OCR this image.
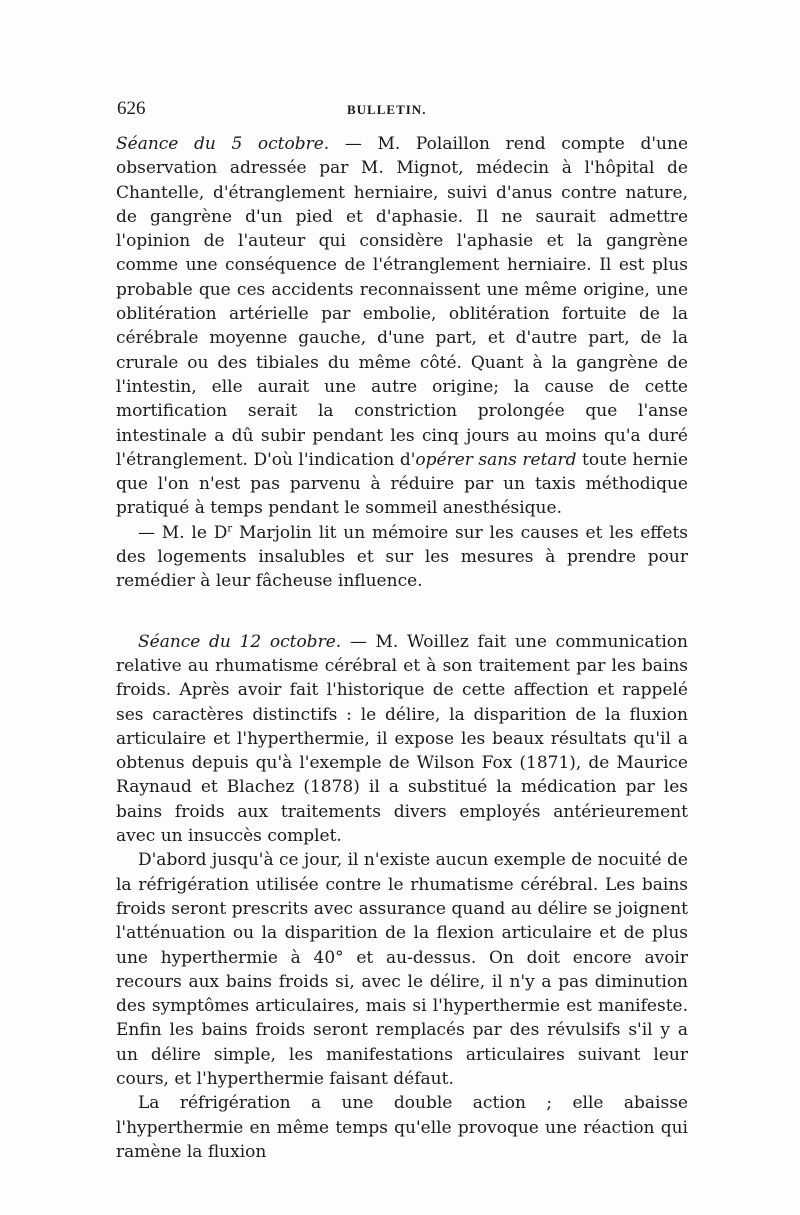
626	BULLETIN.

Séance du 5 octobre. — M. Polaillon rend compte d'une observation adressée par M. Mignot, médecin à l'hôpital de Chantelle, d'étranglement herniaire, suivi d'anus contre nature, de gangrène d'un pied et d'aphasie. Il ne saurait admettre l'opinion de l'auteur qui considère l'aphasie et la gangrène comme une conséquence de l'étranglement herniaire. Il est plus probable que ces accidents reconnaissent une même origine, une oblitération artérielle par embolie, oblitération fortuite de la cérébrale moyenne gauche, d'une part, et d'autre part, de la crurale ou des tibiales du même côté. Quant à la gangrène de l'intestin, elle aurait une autre origine; la cause de cette mortification serait la constriction prolongée que l'anse intestinale a dû subir pendant les cinq jours au moins qu'a duré l'étranglement. D'où l'indication d'opérer sans retard toute hernie que l'on n'est pas parvenu à réduire par un taxis méthodique pratiqué à temps pendant le sommeil anesthésique.

— M. le $D^r$ Marjolin lit un mémoire sur les causes et les effets des logements insalubles et sur les mesures à prendre pour remédier à leur fâcheuse influence.

Séance du 12 octobre. — M. Woillez fait une communication relative au rhumatisme cérébral et à son traitement par les bains froids. Après avoir fait l'historique de cette affection et rappelé ses caractères distinctifs : le délire, la disparition de la fluxion articulaire et l'hyperthermie, il expose les beaux résultats qu'il a obtenus depuis qu'à l'exemple de Wilson Fox (1871), de Maurice Raynaud et Blachez (1878) il a substitué la médication par les bains froids aux traitements divers employés antérieurement avec un insuccès complet.

D'abord jusqu'à ce jour, il n'existe aucun exemple de nocuité de la réfrigération utilisée contre le rhumatisme cérébral. Les bains froids seront prescrits avec assurance quand au délire se joignent l'atténuation ou la disparition de la flexion articulaire et de plus une hyperthermie à 40° et au-dessus. On doit encore avoir recours aux bains froids si, avec le délire, il n'y a pas diminution des symptômes articulaires, mais si l'hyperthermie est manifeste. Enfin les bains froids seront remplacés par des révulsifs s'il y a un délire simple, les manifestations articulaires suivant leur cours, et l'hyperthermie faisant défaut.

La réfrigération a une double action ; elle abaisse l'hyperthermie en même temps qu'elle provoque une réaction qui ramène la fluxion
